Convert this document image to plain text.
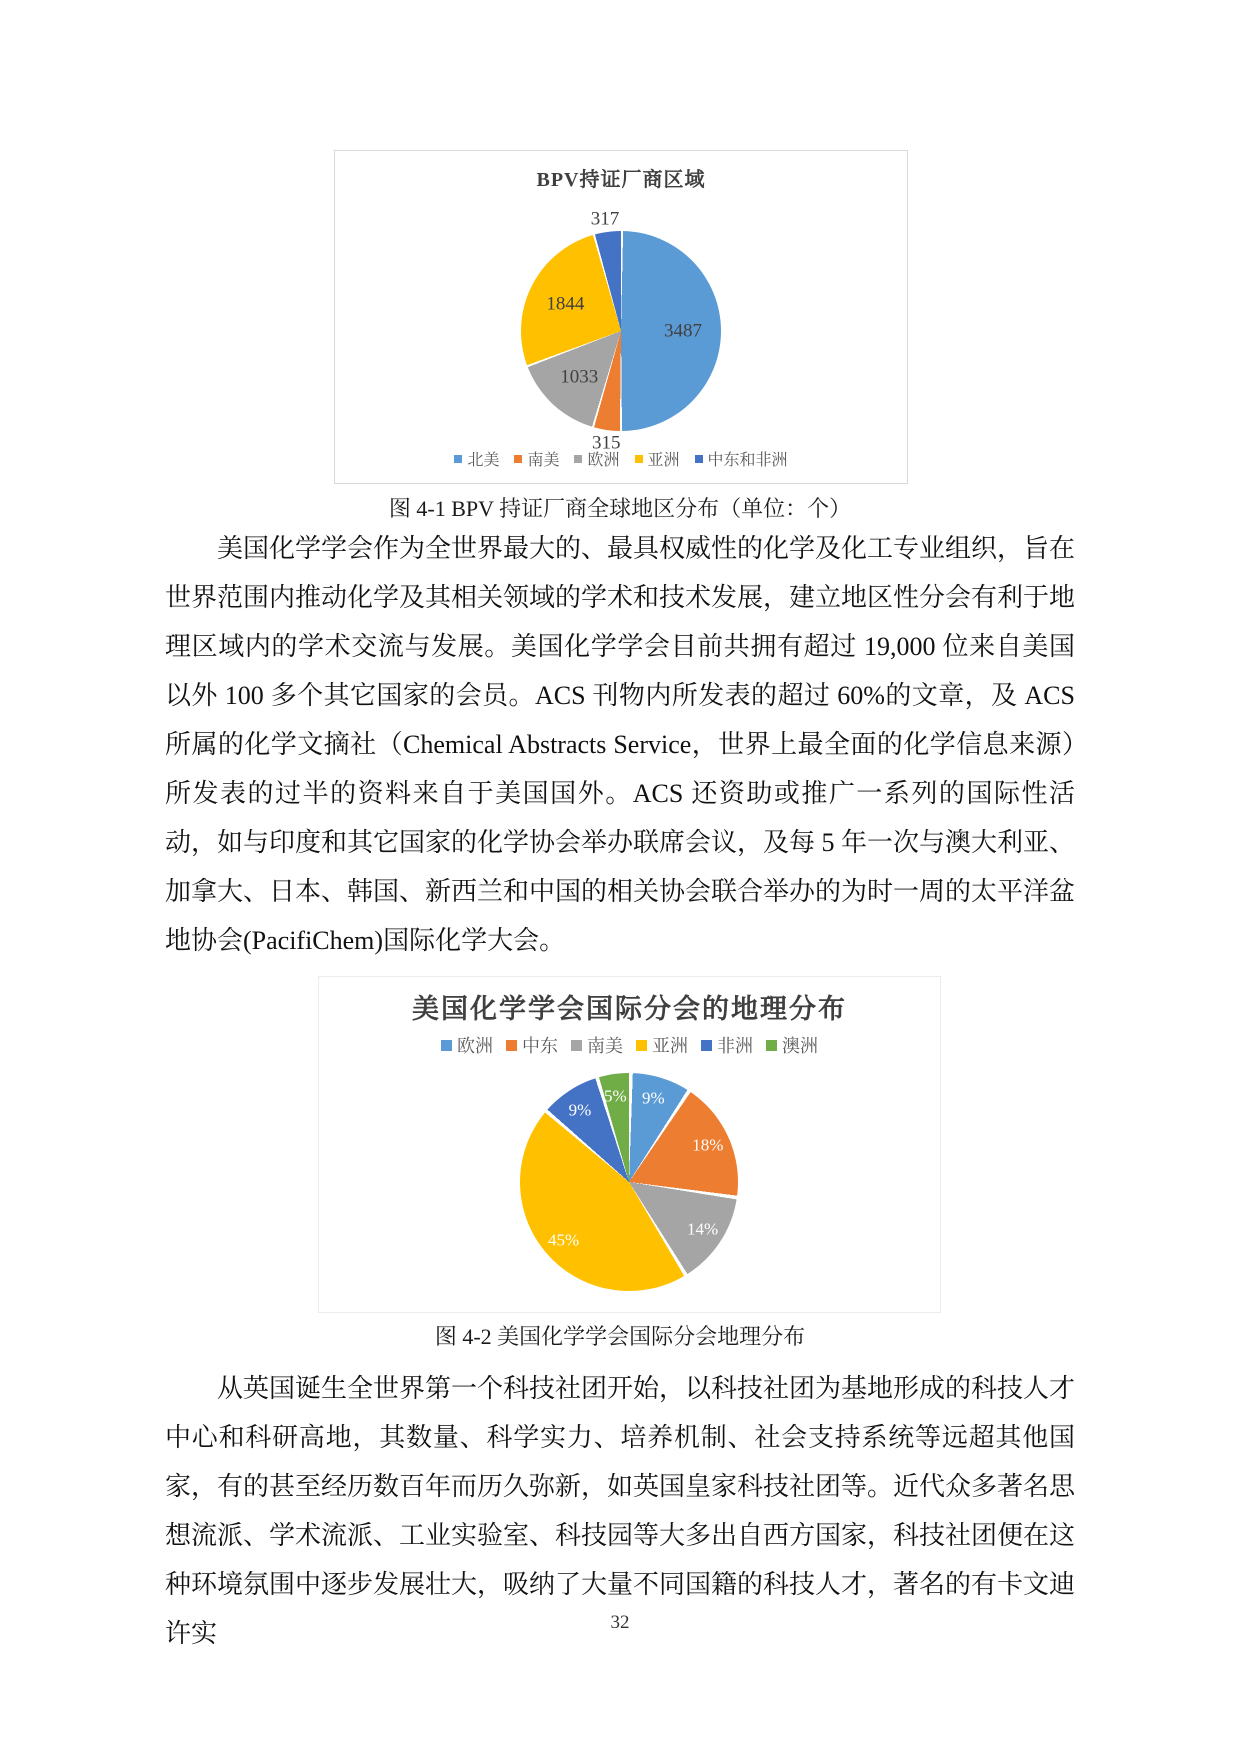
BPV持证厂商区域
3487
315
1033
1844
317
北美 南美 欧洲 亚洲 中东和非洲
图 4-1 BPV 持证厂商全球地区分布（单位：个）

美国化学学会作为全世界最大的、最具权威性的化学及化工专业组织，旨在世界范围内推动化学及其相关领域的学术和技术发展，建立地区性分会有利于地理区域内的学术交流与发展。美国化学学会目前共拥有超过 19,000 位来自美国以外 100 多个其它国家的会员。ACS 刊物内所发表的超过 60%的文章，及 ACS 所属的化学文摘社（Chemical Abstracts Service，世界上最全面的化学信息来源）所发表的过半的资料来自于美国国外。ACS 还资助或推广一系列的国际性活动，如与印度和其它国家的化学协会举办联席会议，及每 5 年一次与澳大利亚、加拿大、日本、韩国、新西兰和中国的相关协会联合举办的为时一周的太平洋盆地协会(PacifiChem)国际化学大会。

美国化学学会国际分会的地理分布
欧洲 中东 南美 亚洲 非洲 澳洲
9%
18%
14%
45%
9%
5%
图 4-2 美国化学学会国际分会地理分布

从英国诞生全世界第一个科技社团开始，以科技社团为基地形成的科技人才中心和科研高地，其数量、科学实力、培养机制、社会支持系统等远超其他国家，有的甚至经历数百年而历久弥新，如英国皇家科技社团等。近代众多著名思想流派、学术流派、工业实验室、科技园等大多出自西方国家，科技社团便在这种环境氛围中逐步发展壮大，吸纳了大量不同国籍的科技人才，著名的有卡文迪许实	32
